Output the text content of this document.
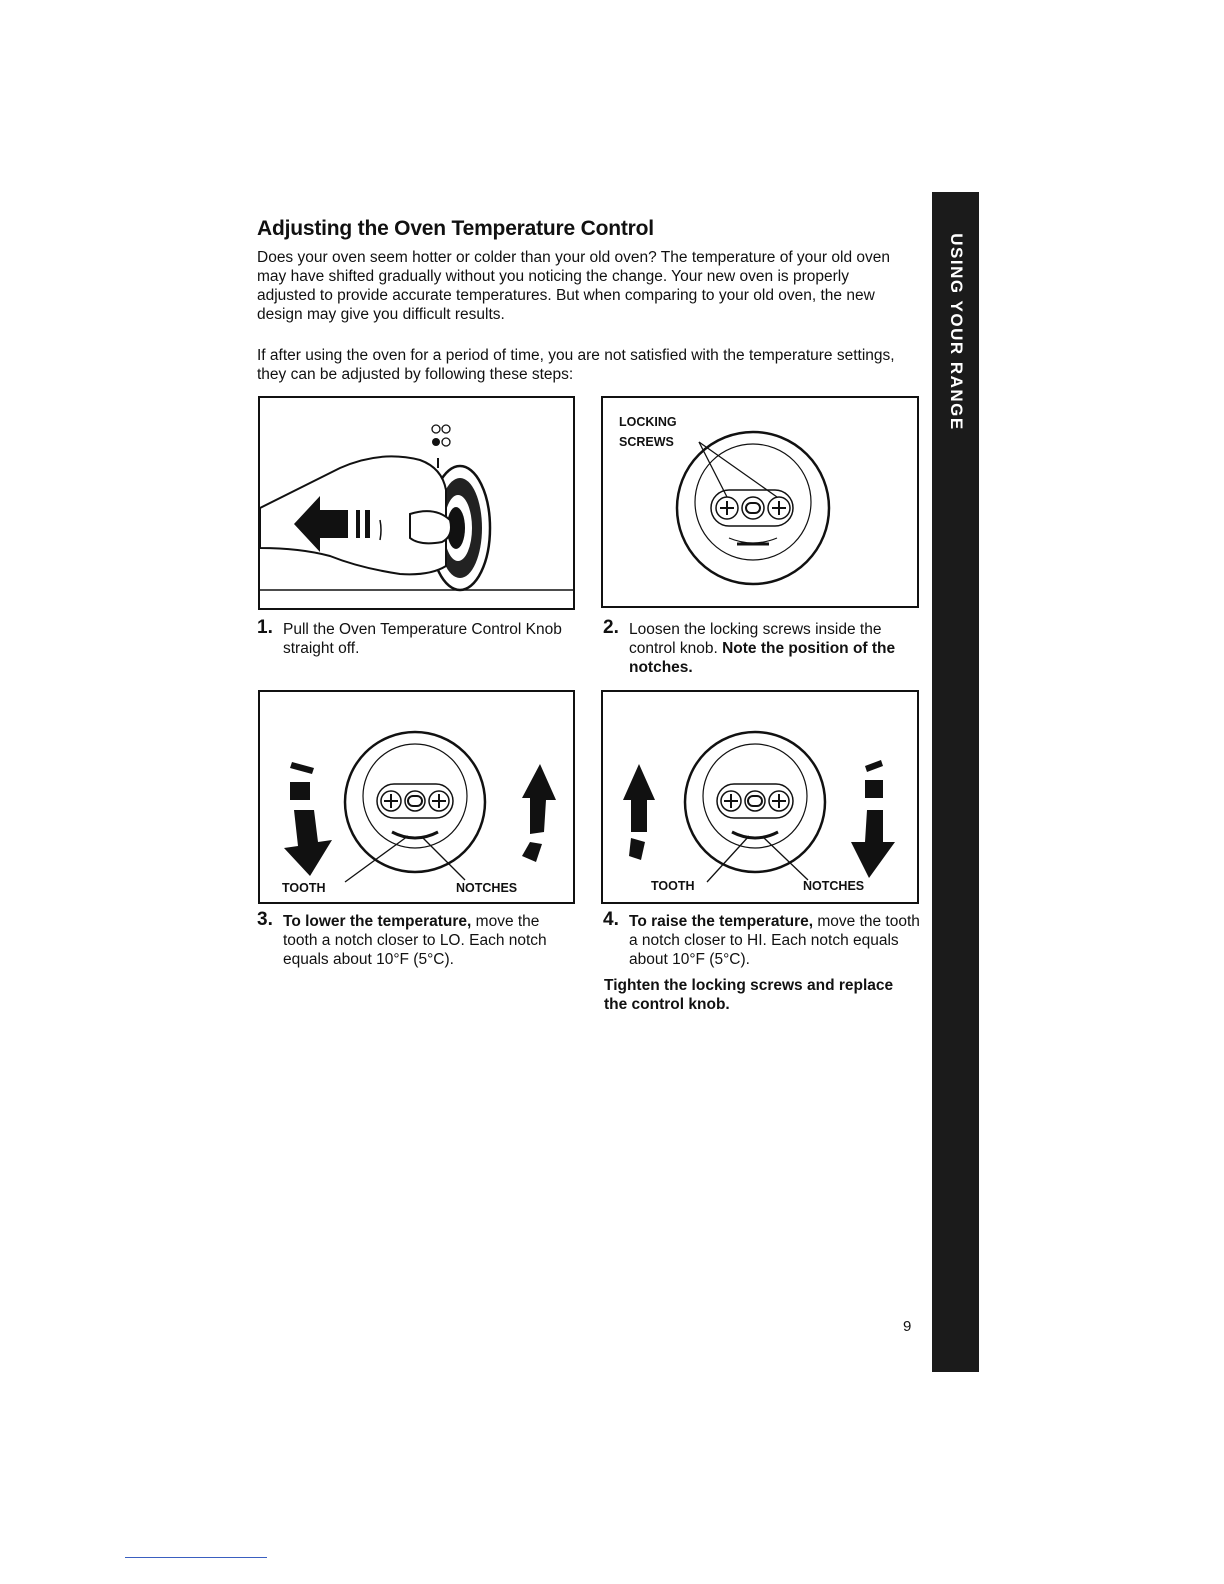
Adjusting the Oven Temperature Control

Does your oven seem hotter or colder than your old oven? The temperature of your old oven may have shifted gradually without you noticing the change. Your new oven is properly adjusted to provide accurate temperatures. But when comparing to your old oven, the new design may give you difficult results.

If after using the oven for a period of time, you are not satisfied with the temperature settings, they can be adjusted by following these steps:

LOCKING
SCREWS
TOOTH	NOTCHES	TOOTH	NOTCHES
1. Pull the Oven Temperature Control Knob straight off.
2. Loosen the locking screws inside the control knob. Note the position of the notches.
3. To lower the temperature, move the tooth a notch closer to LO. Each notch equals about 10°F (5°C).
4. To raise the temperature, move the tooth a notch closer to HI. Each notch equals about 10°F (5°C).

Tighten the locking screws and replace the control knob.

USING YOUR RANGE
9
